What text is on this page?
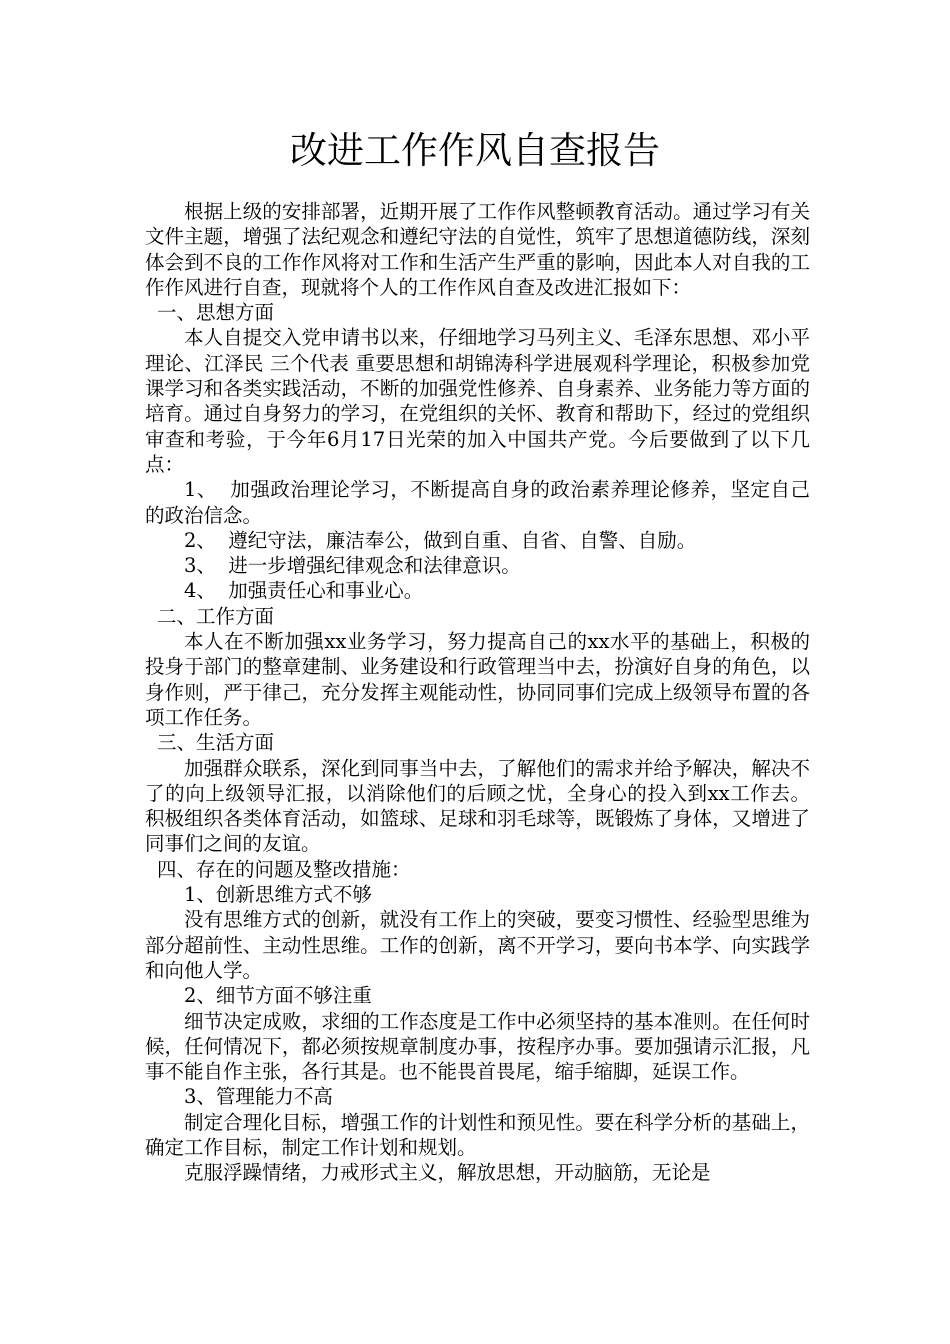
改进工作作风自查报告

根据上级的安排部署，近期开展了工作作风整顿教育活动。通过学习有关文件主题，增强了法纪观念和遵纪守法的自觉性，筑牢了思想道德防线，深刻体会到不良的工作作风将对工作和生活产生严重的影响，因此本人对自我的工作作风进行自查，现就将个人的工作作风自查及改进汇报如下：

一、思想方面

本人自提交入党申请书以来，仔细地学习马列主义、毛泽东思想、邓小平理论、江泽民 三个代表 重要思想和胡锦涛科学进展观科学理论，积极参加党课学习和各类实践活动，不断的加强党性修养、自身素养、业务能力等方面的培育。通过自身努力的学习，在党组织的关怀、教育和帮助下，经过的党组织审查和考验，于今年6月17日光荣的加入中国共产党。今后要做到了以下几点：

1、  加强政治理论学习，不断提高自身的政治素养理论修养，坚定自己的政治信念。

2、  遵纪守法，廉洁奉公，做到自重、自省、自警、自励。

3、  进一步增强纪律观念和法律意识。

4、  加强责任心和事业心。

二、工作方面

本人在不断加强xx业务学习，努力提高自己的xx水平的基础上，积极的投身于部门的整章建制、业务建设和行政管理当中去，扮演好自身的角色，以身作则，严于律己，充分发挥主观能动性，协同同事们完成上级领导布置的各项工作任务。

三、生活方面

加强群众联系，深化到同事当中去，了解他们的需求并给予解决，解决不了的向上级领导汇报，以消除他们的后顾之忧，全身心的投入到xx工作去。积极组织各类体育活动，如篮球、足球和羽毛球等，既锻炼了身体，又增进了同事们之间的友谊。

四、存在的问题及整改措施：

1、创新思维方式不够

没有思维方式的创新，就没有工作上的突破，要变习惯性、经验型思维为部分超前性、主动性思维。工作的创新，离不开学习，要向书本学、向实践学和向他人学。

2、细节方面不够注重

细节决定成败，求细的工作态度是工作中必须坚持的基本准则。在任何时候，任何情况下，都必须按规章制度办事，按程序办事。要加强请示汇报，凡事不能自作主张，各行其是。也不能畏首畏尾，缩手缩脚，延误工作。

3、管理能力不高

制定合理化目标，增强工作的计划性和预见性。要在科学分析的基础上，确定工作目标，制定工作计划和规划。

克服浮躁情绪，力戒形式主义，解放思想，开动脑筋，无论是
